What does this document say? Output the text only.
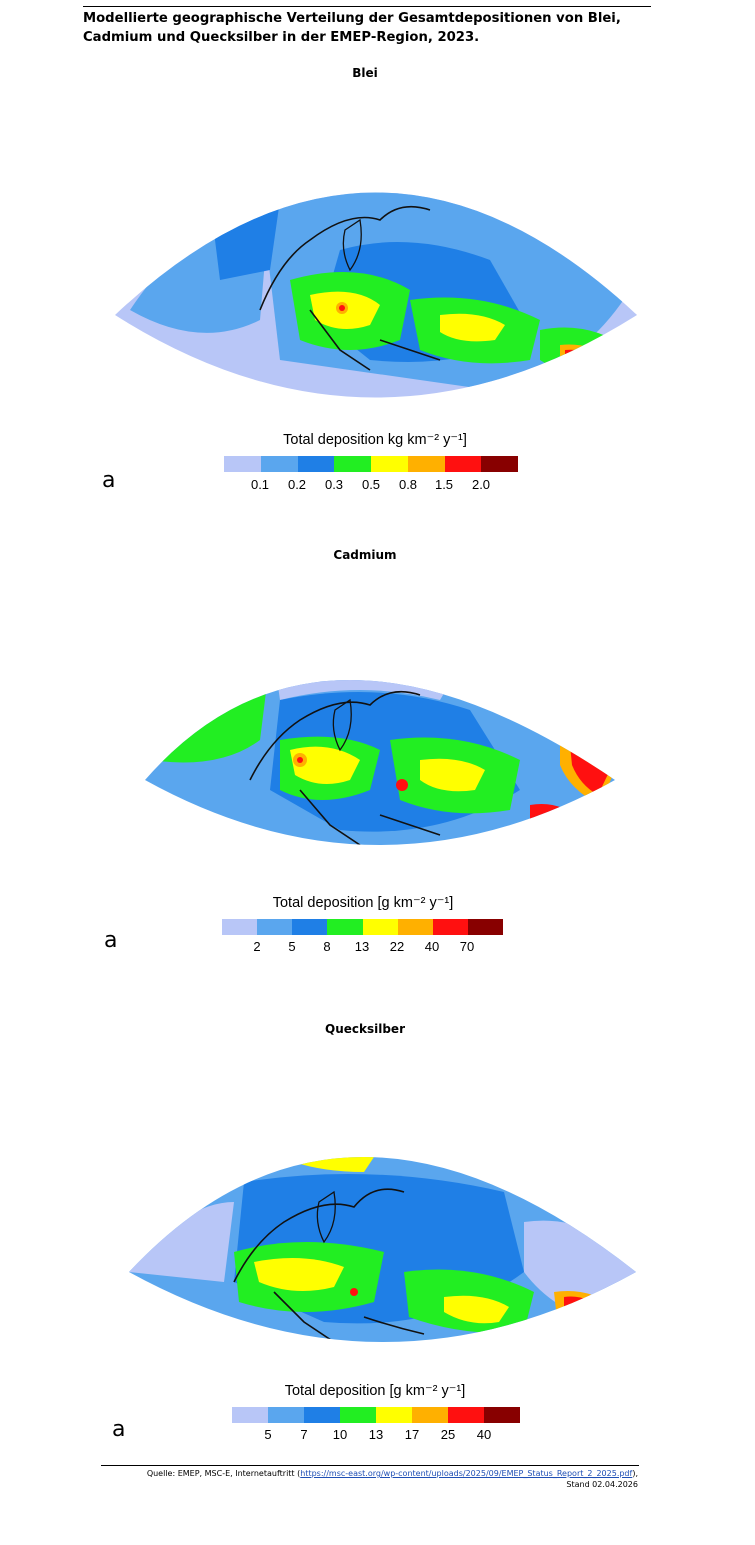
Modellierte geographische Verteilung der Gesamtdepositionen von Blei, Cadmium und Quecksilber in der EMEP-Region, 2023.
Blei
Total deposition kg km⁻² y⁻¹]
0.1 0.2 0.3 0.5 0.8 1.5 2.0
a
Cadmium
Total deposition [g km⁻² y⁻¹]
2 5 8 13 22 40 70
a
Quecksilber
Total deposition [g km⁻² y⁻¹]
5 7 10 13 17 25 40
a
Quelle: EMEP, MSC-E, Internetauftritt (https://msc-east.org/wp-content/uploads/2025/09/EMEP_Status_Report_2_2025.pdf),
Stand 02.04.2026
